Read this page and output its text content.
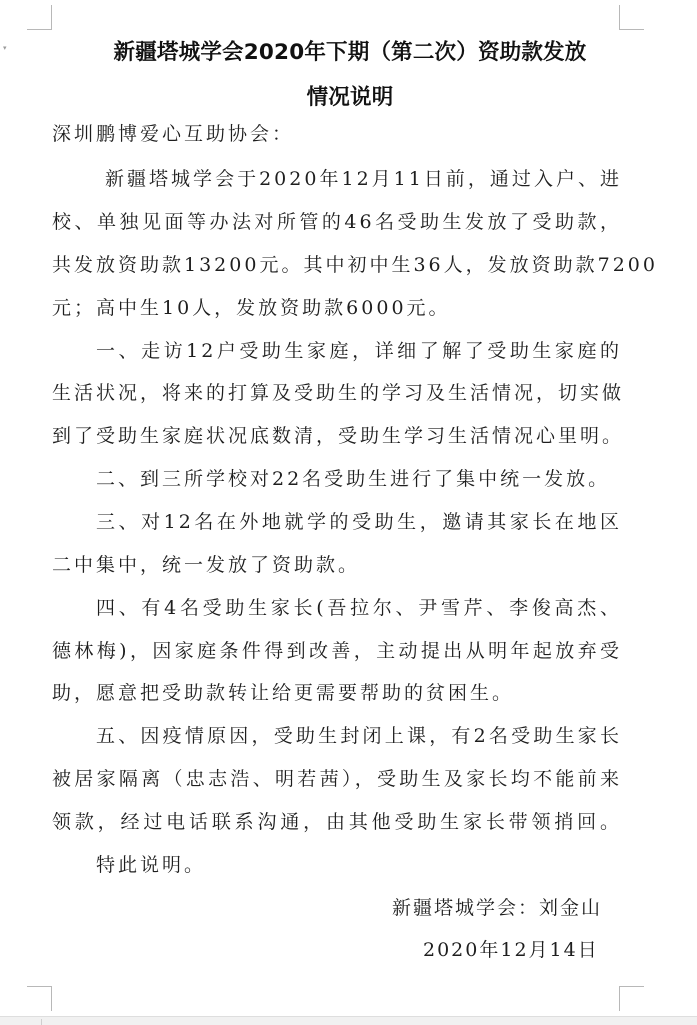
▾	新疆塔城学会2020年下期（第二次）资助款发放
情况说明
深圳鹏博爱心互助协会：
新疆塔城学会于2020年12月11日前，通过入户、进
校、单独见面等办法对所管的46名受助生发放了受助款，
共发放资助款13200元。其中初中生36人，发放资助款7200
元；高中生10人，发放资助款6000元。
一、走访12户受助生家庭，详细了解了受助生家庭的
生活状况，将来的打算及受助生的学习及生活情况，切实做
到了受助生家庭状况底数清，受助生学习生活情况心里明。
二、到三所学校对22名受助生进行了集中统一发放。
三、对12名在外地就学的受助生，邀请其家长在地区
二中集中，统一发放了资助款。
四、有4名受助生家长(吾拉尔、尹雪芹、李俊高杰、
德林梅)，因家庭条件得到改善，主动提出从明年起放弃受
助，愿意把受助款转让给更需要帮助的贫困生。
五、因疫情原因，受助生封闭上课，有2名受助生家长
被居家隔离（忠志浩、明若茜），受助生及家长均不能前来
领款，经过电话联系沟通，由其他受助生家长带领捎回。
特此说明。
新疆塔城学会：刘金山
2020年12月14日
